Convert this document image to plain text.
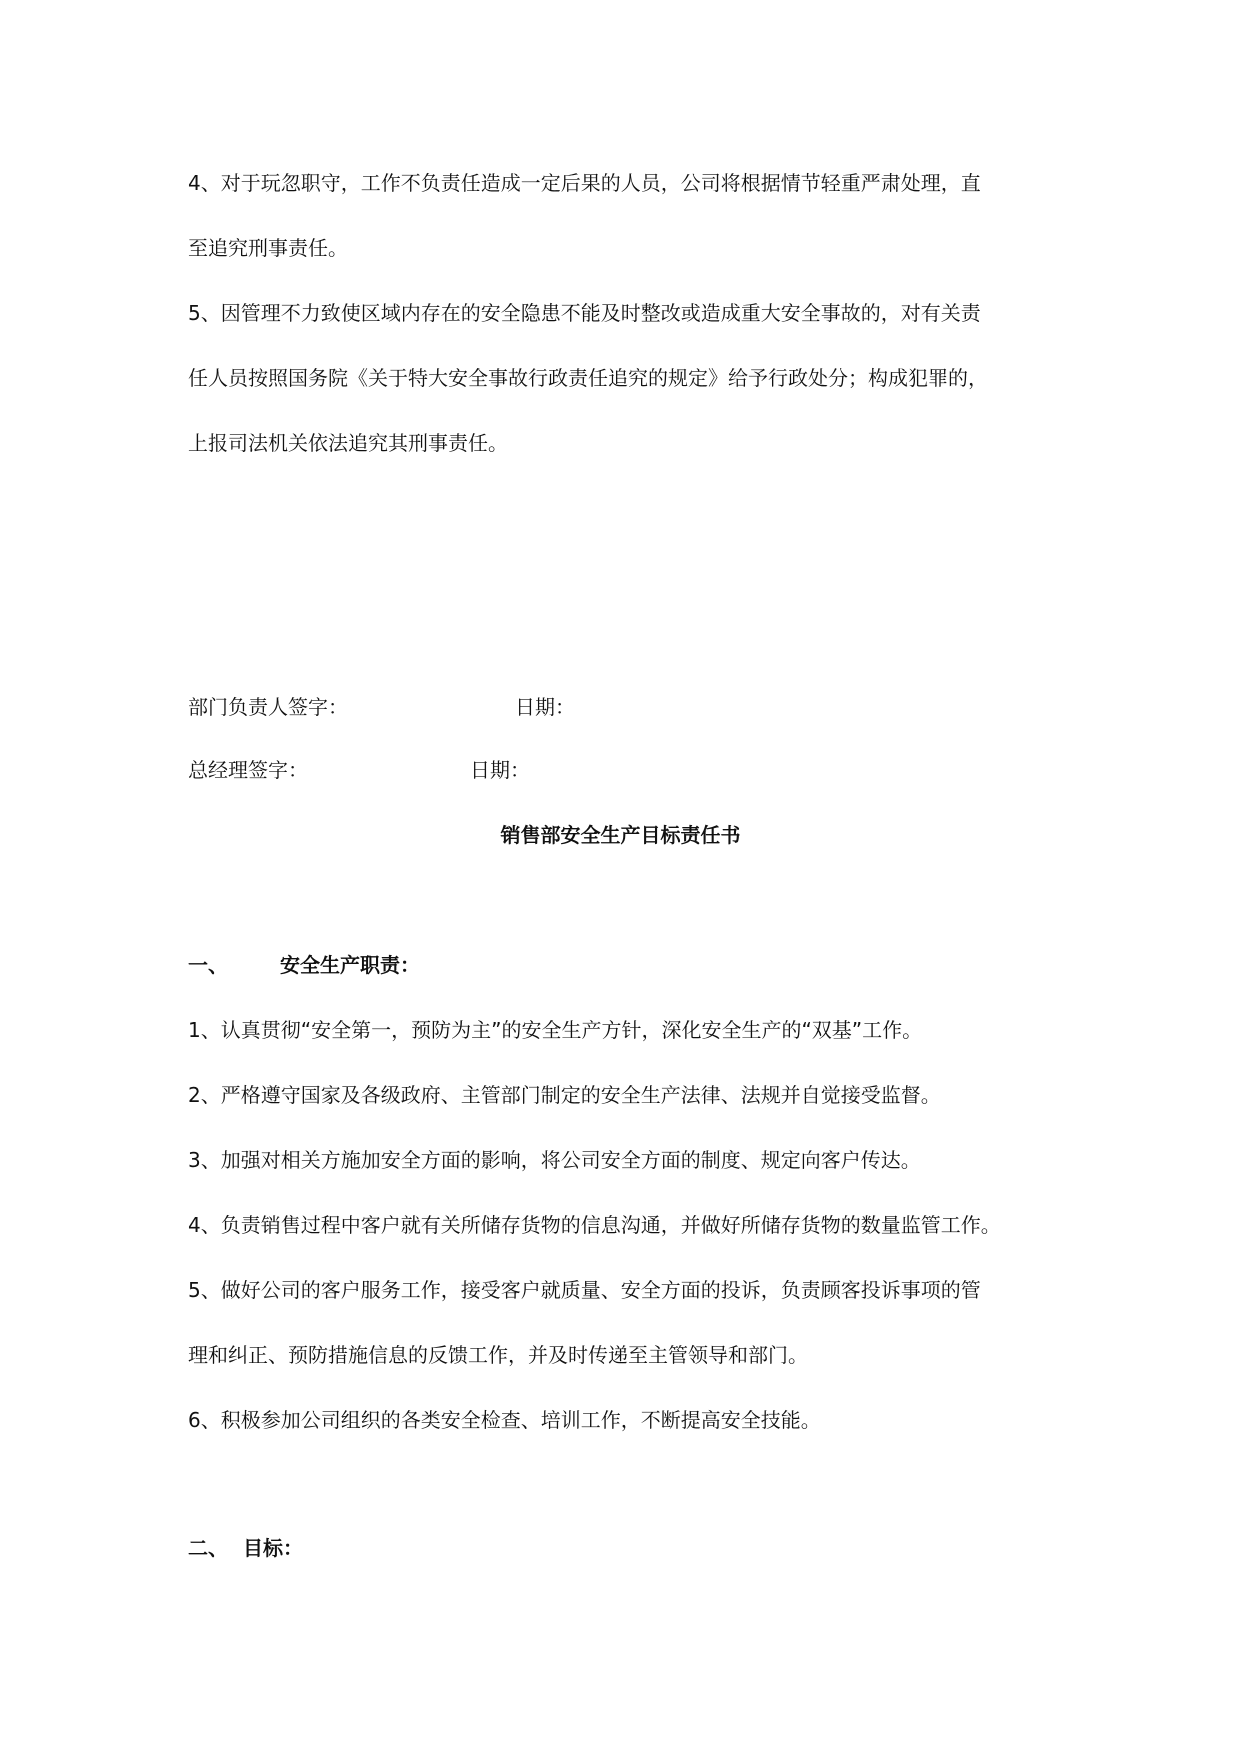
4、对于玩忽职守，工作不负责任造成一定后果的人员，公司将根据情节轻重严肃处理，直
至追究刑事责任。
5、因管理不力致使区域内存在的安全隐患不能及时整改或造成重大安全事故的，对有关责
任人员按照国务院《关于特大安全事故行政责任追究的规定》给予行政处分；构成犯罪的，
上报司法机关依法追究其刑事责任。
部门负责人签字：	日期：
总经理签字：	日期：
销售部安全生产目标责任书
一、	安全生产职责：
1、认真贯彻“安全第一，预防为主”的安全生产方针，深化安全生产的“双基”工作。
2、严格遵守国家及各级政府、主管部门制定的安全生产法律、法规并自觉接受监督。
3、加强对相关方施加安全方面的影响，将公司安全方面的制度、规定向客户传达。
4、负责销售过程中客户就有关所储存货物的信息沟通，并做好所储存货物的数量监管工作。
5、做好公司的客户服务工作，接受客户就质量、安全方面的投诉，负责顾客投诉事项的管
理和纠正、预防措施信息的反馈工作，并及时传递至主管领导和部门。
6、积极参加公司组织的各类安全检查、培训工作，不断提高安全技能。
二、 目标：
